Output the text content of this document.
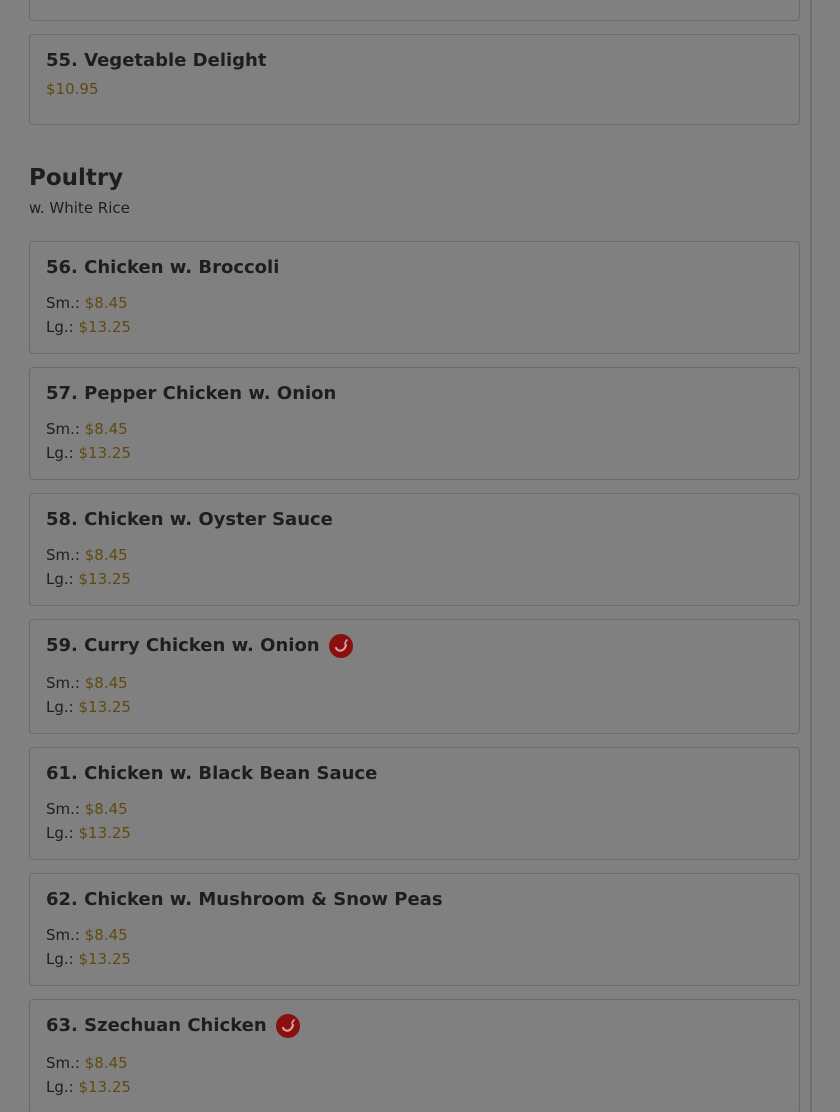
55. Vegetable Delight
$10.95
Poultry
w. White Rice
56. Chicken w. Broccoli
Sm.: $8.45
Lg.: $13.25
57. Pepper Chicken w. Onion
Sm.: $8.45
Lg.: $13.25
58. Chicken w. Oyster Sauce
Sm.: $8.45
Lg.: $13.25
59. Curry Chicken w. Onion
Sm.: $8.45
Lg.: $13.25
61. Chicken w. Black Bean Sauce
Sm.: $8.45
Lg.: $13.25
62. Chicken w. Mushroom & Snow Peas
Sm.: $8.45
Lg.: $13.25
63. Szechuan Chicken
Sm.: $8.45
Lg.: $13.25
